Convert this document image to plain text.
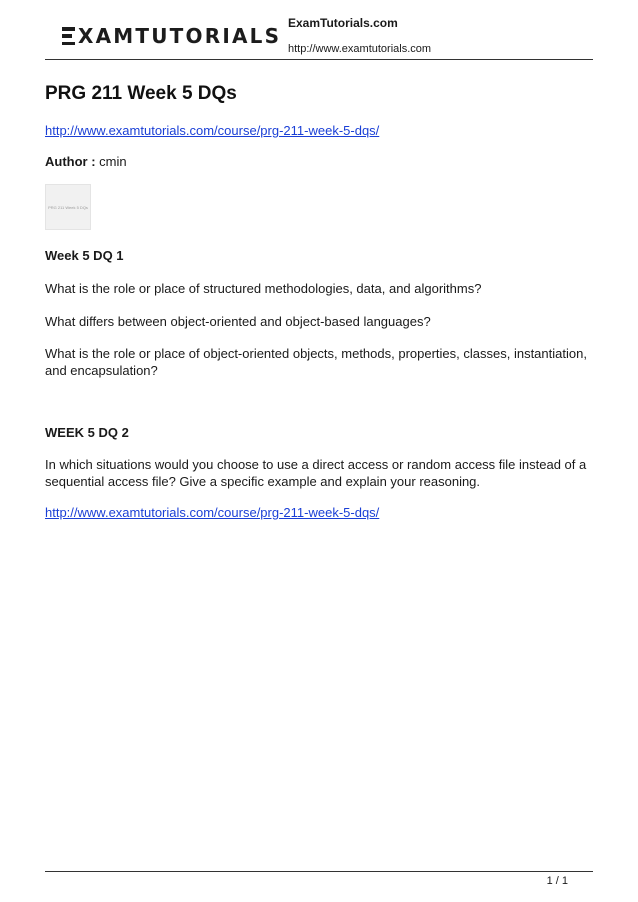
XAMTUTORIALS
ExamTutorials.com
http://www.examtutorials.com
PRG 211 Week 5 DQs
http://www.examtutorials.com/course/prg-211-week-5-dqs/
Author : cmin
PRG 211 Week 5 DQs
Week 5 DQ 1

What is the role or place of structured methodologies, data, and algorithms?

What differs between object-oriented and object-based languages?

What is the role or place of object-oriented objects, methods, properties, classes, instantiation, and encapsulation?

WEEK 5 DQ 2

In which situations would you choose to use a direct access or random access file instead of a sequential access file? Give a specific example and explain your reasoning.

http://www.examtutorials.com/course/prg-211-week-5-dqs/
1 / 1
